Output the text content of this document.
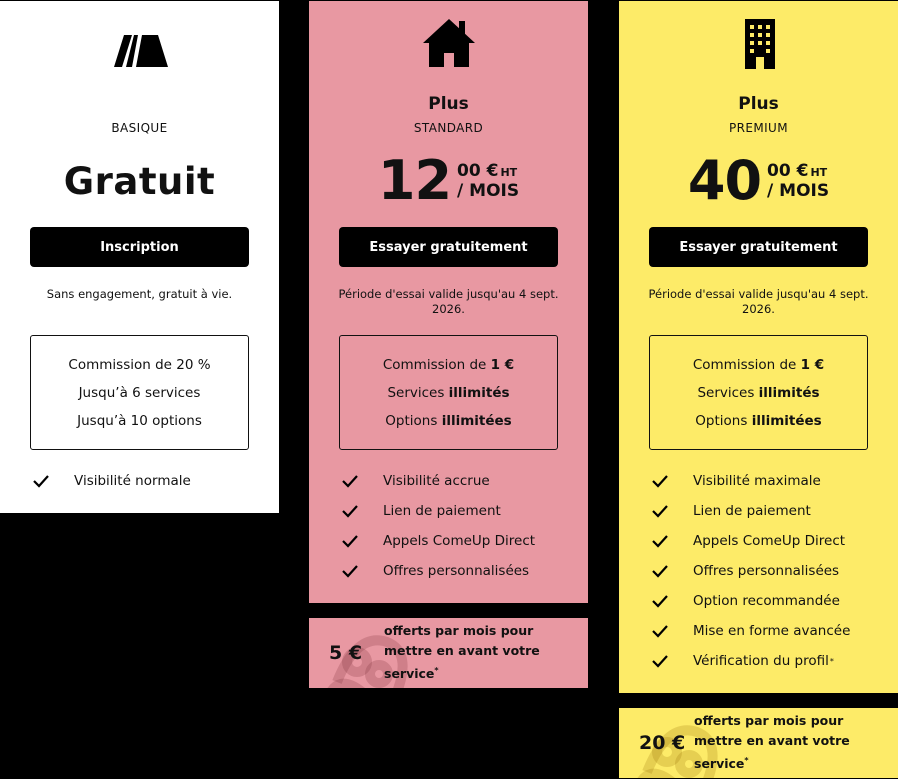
BASIQUE
Gratuit
Inscription
Sans engagement, gratuit à vie.
Commission de 20 %
Jusqu’à 6 services
Jusqu’à 10 options
Visibilité normale
Plus
STANDARD
12 00 € HT
/ MOIS
Essayer gratuitement
Période d'essai valide jusqu'au 4 sept. 2026.
Commission de 1 €
Services illimités
Options illimitées
Visibilité accrue
Lien de paiement
Appels ComeUp Direct
Offres personnalisées
5 €
offerts par mois pour mettre en avant votre service*
Plus
PREMIUM
40 00 € HT
/ MOIS
Essayer gratuitement
Période d'essai valide jusqu'au 4 sept. 2026.
Commission de 1 €
Services illimités
Options illimitées
Visibilité maximale
Lien de paiement
Appels ComeUp Direct
Offres personnalisées
Option recommandée
Mise en forme avancée
Vérification du profil *
20 €
offerts par mois pour mettre en avant votre service*
